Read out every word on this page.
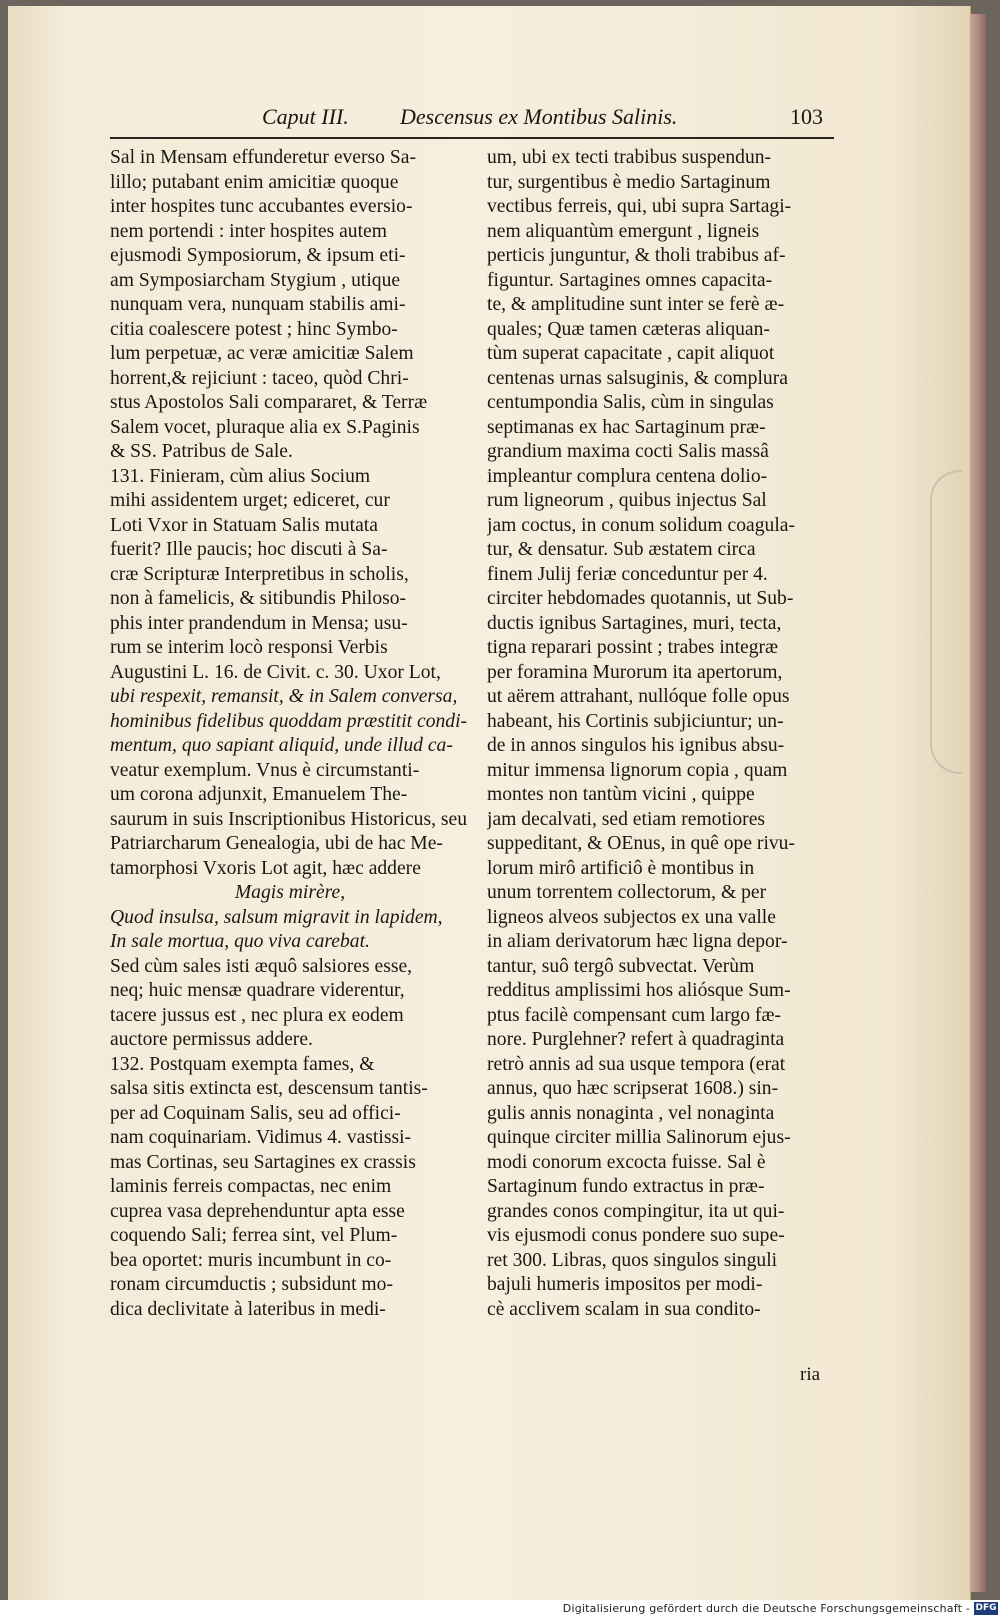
Caput III. Descensus ex Montibus Salinis.	103
Sal in Mensam effunderetur everso Sa-
lillo; putabant enim amicitiæ quoque
inter hospites tunc accubantes eversio-
nem portendi : inter hospites autem
ejusmodi Symposiorum, & ipsum eti-
am Symposiarcham Stygium , utique
nunquam vera, nunquam stabilis ami-
citia coalescere potest ; hinc Symbo-
lum perpetuæ, ac veræ amicitiæ Salem
horrent,& rejiciunt : taceo, quòd Chri-
stus Apostolos Sali compararet, & Terræ
Salem vocet, pluraque alia ex S.Paginis
& SS. Patribus de Sale.
131. Finieram, cùm alius Socium
mihi assidentem urget; ediceret, cur
Loti Vxor in Statuam Salis mutata
fuerit? Ille paucis; hoc discuti à Sa-
cræ Scripturæ Interpretibus in scholis,
non à famelicis, & sitibundis Philoso-
phis inter prandendum in Mensa; usu-
rum se interim locò responsi Verbis
Augustini L. 16. de Civit. c. 30. Uxor Lot,
ubi respexit, remansit, & in Salem conversa,
hominibus fidelibus quoddam præstitit condi-
mentum, quo sapiant aliquid, unde illud ca-
veatur exemplum. Vnus è circumstanti-
um corona adjunxit, Emanuelem The-
saurum in suis Inscriptionibus Historicus, seu
Patriarcharum Genealogia, ubi de hac Me-
tamorphosi Vxoris Lot agit, hæc addere
Magis mirère,
Quod insulsa, salsum migravit in lapidem,
In sale mortua, quo viva carebat.
Sed cùm sales isti æquô salsiores esse,
neq; huic mensæ quadrare viderentur,
tacere jussus est , nec plura ex eodem
auctore permissus addere.
132. Postquam exempta fames, &
salsa sitis extincta est, descensum tantis-
per ad Coquinam Salis, seu ad offici-
nam coquinariam. Vidimus 4. vastissi-
mas Cortinas, seu Sartagines ex crassis
laminis ferreis compactas, nec enim
cuprea vasa deprehenduntur apta esse
coquendo Sali; ferrea sint, vel Plum-
bea oportet: muris incumbunt in co-
ronam circumductis ; subsidunt mo-
dica declivitate à lateribus in medi-
um, ubi ex tecti trabibus suspendun-
tur, surgentibus è medio Sartaginum
vectibus ferreis, qui, ubi supra Sartagi-
nem aliquantùm emergunt , ligneis
perticis junguntur, & tholi trabibus af-
figuntur. Sartagines omnes capacita-
te, & amplitudine sunt inter se ferè æ-
quales; Quæ tamen cæteras aliquan-
tùm superat capacitate , capit aliquot
centenas urnas salsuginis, & complura
centumpondia Salis, cùm in singulas
septimanas ex hac Sartaginum præ-
grandium maxima cocti Salis massâ
impleantur complura centena dolio-
rum ligneorum , quibus injectus Sal
jam coctus, in conum solidum coagula-
tur, & densatur. Sub æstatem circa
finem Julij feriæ conceduntur per 4.
circiter hebdomades quotannis, ut Sub-
ductis ignibus Sartagines, muri, tecta,
tigna reparari possint ; trabes integræ
per foramina Murorum ita apertorum,
ut aërem attrahant, nullóque folle opus
habeant, his Cortinis subjiciuntur; un-
de in annos singulos his ignibus absu-
mitur immensa lignorum copia , quam
montes non tantùm vicini , quippe
jam decalvati, sed etiam remotiores
suppeditant, & OEnus, in quê ope rivu-
lorum mirô artificiô è montibus in
unum torrentem collectorum, & per
ligneos alveos subjectos ex una valle
in aliam derivatorum hæc ligna depor-
tantur, suô tergô subvectat. Verùm
redditus amplissimi hos aliósque Sum-
ptus facilè compensant cum largo fæ-
nore. Purglehner? refert à quadraginta
retrò annis ad sua usque tempora (erat
annus, quo hæc scripserat 1608.) sin-
gulis annis nonaginta , vel nonaginta
quinque circiter millia Salinorum ejus-
modi conorum excocta fuisse. Sal è
Sartaginum fundo extractus in præ-
grandes conos compingitur, ita ut qui-
vis ejusmodi conus pondere suo supe-
ret 300. Libras, quos singulos singuli
bajuli humeris impositos per modi-
cè acclivem scalam in sua condito-
ria
Digitalisierung gefördert durch die Deutsche Forschungsgemeinschaft - DFG
